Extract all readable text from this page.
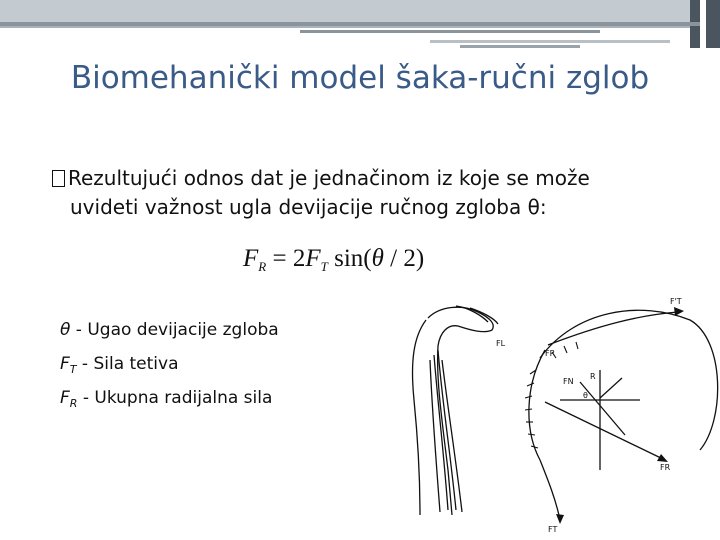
Biomehanički model šaka-ručni zglob
Rezultujući odnos dat je jednačinom iz koje se može
uvideti važnost ugla devijacije ručnog zgloba θ:
$F_R = 2F_T$ sin(θ / 2)
θ - Ugao devijacije zgloba
$F_T$ - Sila tetiva
$F_R$ - Ukupna radijalna sila
F'T
FL
FR
FN
R
θ
FR
FT
